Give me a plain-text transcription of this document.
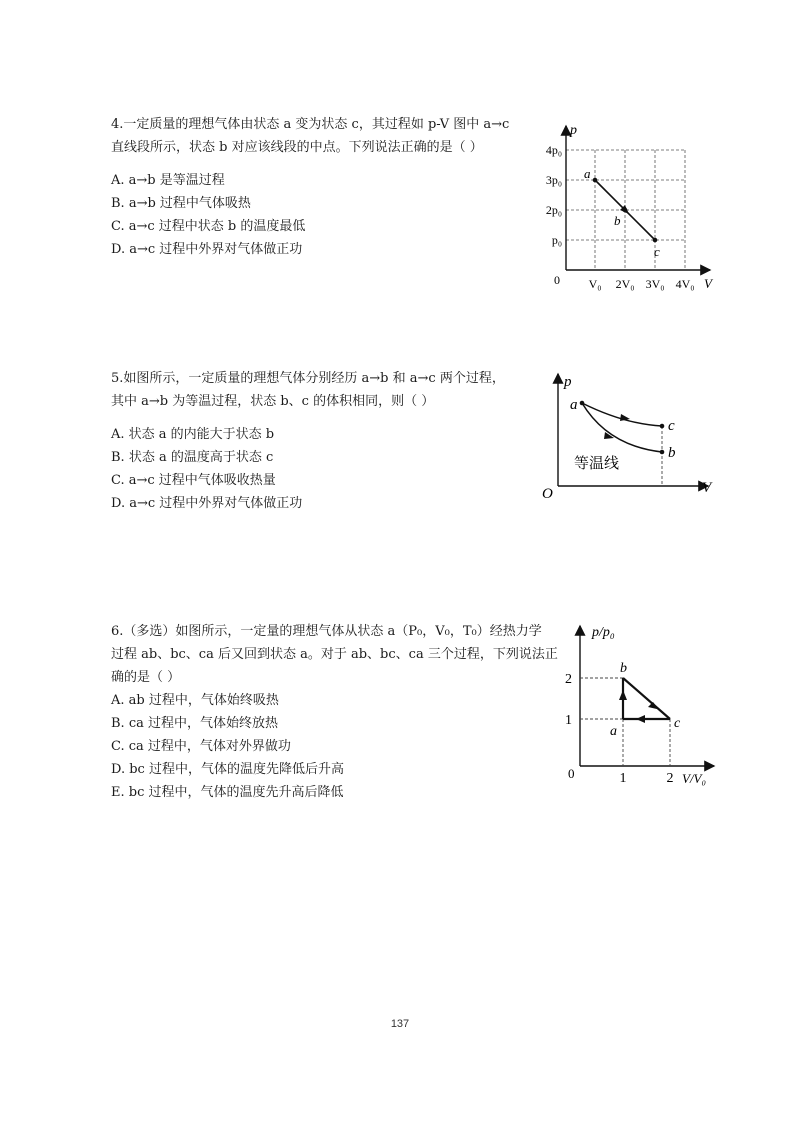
4.一定质量的理想气体由状态 a 变为状态 c，其过程如 p-V 图中 a→c

直线段所示，状态 b 对应该线段的中点。下列说法正确的是（ ）

A. a→b 是等温过程

B. a→b 过程中气体吸热

C. a→c 过程中状态 b 的温度最低

D. a→c 过程中外界对气体做正功

p
V
0
4p₀
3p₀
2p₀
p₀
V₀ 2V₀ 3V₀ 4V₀
a
b
c

5.如图所示，一定质量的理想气体分别经历 a→b 和 a→c 两个过程，

其中 a→b 为等温过程，状态 b、c 的体积相同，则（ ）

A. 状态 a 的内能大于状态 b

B. 状态 a 的温度高于状态 c

C. a→c 过程中气体吸收热量

D. a→c 过程中外界对气体做正功

p
V
O
a
c
b
等温线

6.（多选）如图所示，一定量的理想气体从状态 a（P₀，V₀，T₀）经热力学

过程 ab、bc、ca 后又回到状态 a。对于 ab、bc、ca 三个过程，下列说法正

确的是（ ）

A. ab 过程中，气体始终吸热

B. ca 过程中，气体始终放热

C. ca 过程中，气体对外界做功

D. bc 过程中，气体的温度先降低后升高

E. bc 过程中，气体的温度先升高后降低

p/p₀
V/V₀
0
2
1
1	2
b
a
c
137
